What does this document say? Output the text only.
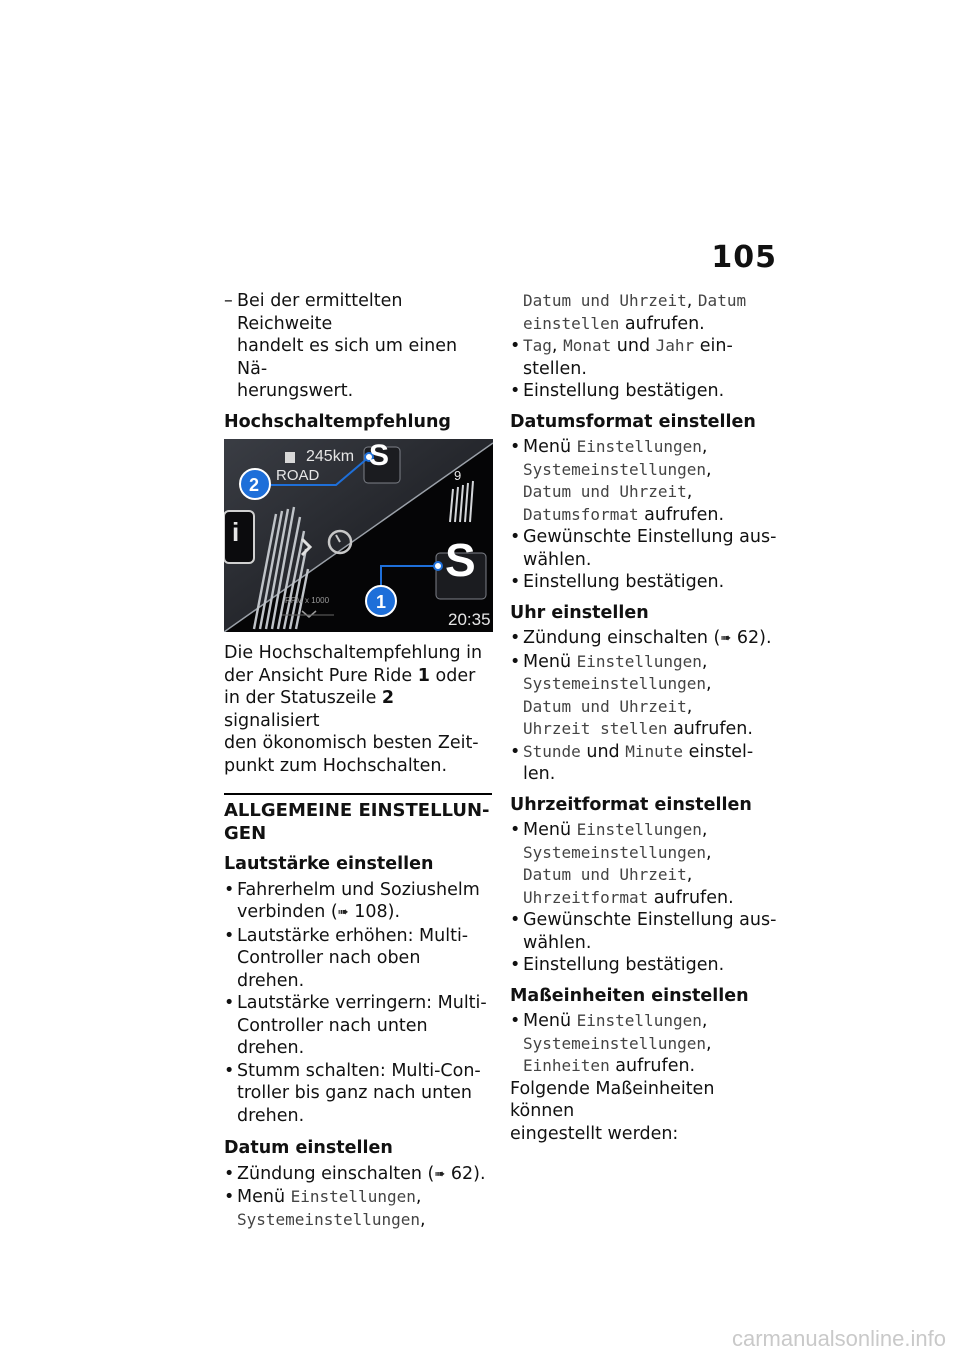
105

– Bei der ermittelten Reichweite
handelt es sich um einen Nä-
herungswert.

Hochschaltempfehlung
245km
ROAD
S
S
20:35
RPM x 1000
2
1
i
9

Die Hochschaltempfehlung in
der Ansicht Pure Ride 1 oder
in der Statuszeile 2 signalisiert
den ökonomisch besten Zeit-
punkt zum Hochschalten.

ALLGEMEINE EINSTELLUN-
GEN
Lautstärke einstellen

• Fahrerhelm und Soziushelm
verbinden (➠ 108).

• Lautstärke erhöhen: Multi-
Controller nach oben drehen.

• Lautstärke verringern: Multi-
Controller nach unten drehen.

• Stumm schalten: Multi-Con-
troller bis ganz nach unten
drehen.

Datum einstellen

• Zündung einschalten (➠ 62).

• Menü Einstellungen,
Systemeinstellungen,

Datum und Uhrzeit, Datum
einstellen aufrufen.

• Tag, Monat und Jahr ein-
stellen.

• Einstellung bestätigen.

Datumsformat einstellen

• Menü Einstellungen,
Systemeinstellungen,
Datum und Uhrzeit,
Datumsformat aufrufen.

• Gewünschte Einstellung aus-
wählen.

• Einstellung bestätigen.

Uhr einstellen

• Zündung einschalten (➠ 62).

• Menü Einstellungen,
Systemeinstellungen,
Datum und Uhrzeit,
Uhrzeit stellen aufrufen.

• Stunde und Minute einstel-
len.

Uhrzeitformat einstellen

• Menü Einstellungen,
Systemeinstellungen,
Datum und Uhrzeit,
Uhrzeitformat aufrufen.

• Gewünschte Einstellung aus-
wählen.

• Einstellung bestätigen.

Maßeinheiten einstellen

• Menü Einstellungen,
Systemeinstellungen,
Einheiten aufrufen.

Folgende Maßeinheiten können
eingestellt werden:

carmanualsonline.info
